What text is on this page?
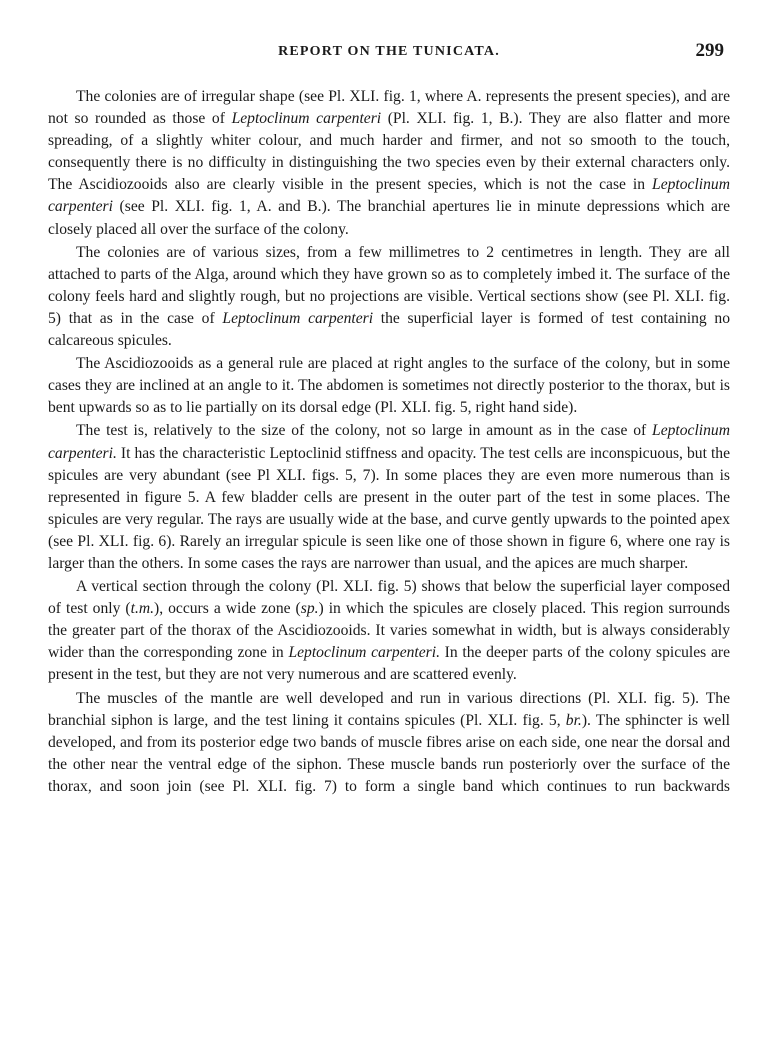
REPORT ON THE TUNICATA.	299

The colonies are of irregular shape (see Pl. XLI. fig. 1, where A. represents the present species), and are not so rounded as those of Leptoclinum carpenteri (Pl. XLI. fig. 1, B.). They are also flatter and more spreading, of a slightly whiter colour, and much harder and firmer, and not so smooth to the touch, consequently there is no difficulty in distinguishing the two species even by their external characters only. The Ascidiozooids also are clearly visible in the present species, which is not the case in Leptoclinum carpenteri (see Pl. XLI. fig. 1, A. and B.). The branchial apertures lie in minute depressions which are closely placed all over the surface of the colony.

The colonies are of various sizes, from a few millimetres to 2 centimetres in length. They are all attached to parts of the Alga, around which they have grown so as to completely imbed it. The surface of the colony feels hard and slightly rough, but no projections are visible. Vertical sections show (see Pl. XLI. fig. 5) that as in the case of Leptoclinum carpenteri the superficial layer is formed of test containing no calcareous spicules.

The Ascidiozooids as a general rule are placed at right angles to the surface of the colony, but in some cases they are inclined at an angle to it. The abdomen is sometimes not directly posterior to the thorax, but is bent upwards so as to lie partially on its dorsal edge (Pl. XLI. fig. 5, right hand side).

The test is, relatively to the size of the colony, not so large in amount as in the case of Leptoclinum carpenteri. It has the characteristic Leptoclinid stiffness and opacity. The test cells are inconspicuous, but the spicules are very abundant (see Pl XLI. figs. 5, 7). In some places they are even more numerous than is represented in figure 5. A few bladder cells are present in the outer part of the test in some places. The spicules are very regular. The rays are usually wide at the base, and curve gently upwards to the pointed apex (see Pl. XLI. fig. 6). Rarely an irregular spicule is seen like one of those shown in figure 6, where one ray is larger than the others. In some cases the rays are narrower than usual, and the apices are much sharper.

A vertical section through the colony (Pl. XLI. fig. 5) shows that below the superficial layer composed of test only (t.m.), occurs a wide zone (sp.) in which the spicules are closely placed. This region surrounds the greater part of the thorax of the Ascidiozooids. It varies somewhat in width, but is always considerably wider than the corresponding zone in Leptoclinum carpenteri. In the deeper parts of the colony spicules are present in the test, but they are not very numerous and are scattered evenly.

The muscles of the mantle are well developed and run in various directions (Pl. XLI. fig. 5). The branchial siphon is large, and the test lining it contains spicules (Pl. XLI. fig. 5, br.). The sphincter is well developed, and from its posterior edge two bands of muscle fibres arise on each side, one near the dorsal and the other near the ventral edge of the siphon. These muscle bands run posteriorly over the surface of the thorax, and soon join (see Pl. XLI. fig. 7) to form a single band which continues to run backwards
